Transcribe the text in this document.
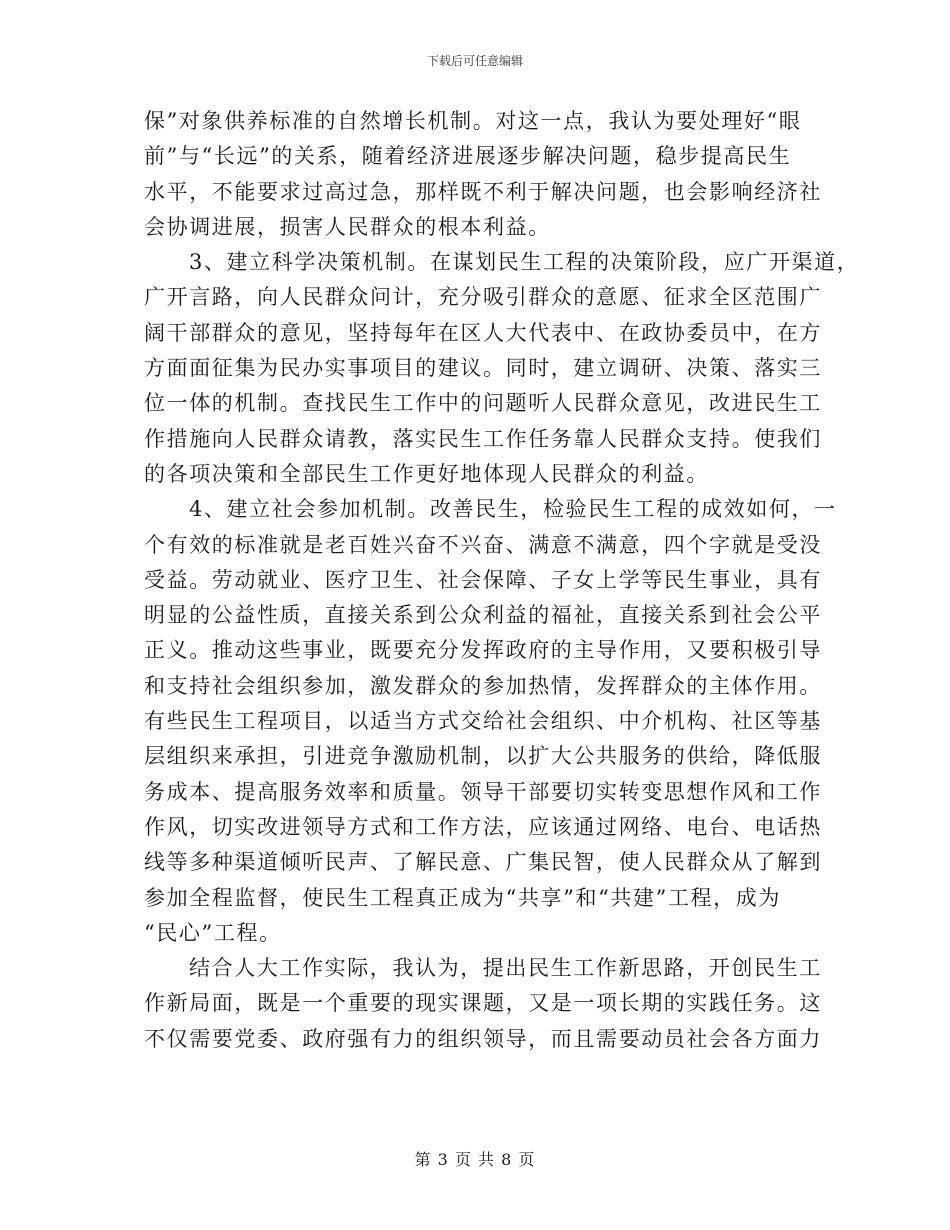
下载后可任意编辑
保”对象供养标准的自然增长机制。对这一点，我认为要处理好“眼
前”与“长远”的关系，随着经济进展逐步解决问题，稳步提高民生
水平，不能要求过高过急，那样既不利于解决问题，也会影响经济社
会协调进展，损害人民群众的根本利益。
3、建立科学决策机制。在谋划民生工程的决策阶段，应广开渠道，
广开言路，向人民群众问计，充分吸引群众的意愿、征求全区范围广
阔干部群众的意见，坚持每年在区人大代表中、在政协委员中，在方
方面面征集为民办实事项目的建议。同时，建立调研、决策、落实三
位一体的机制。查找民生工作中的问题听人民群众意见，改进民生工
作措施向人民群众请教，落实民生工作任务靠人民群众支持。使我们
的各项决策和全部民生工作更好地体现人民群众的利益。
4、建立社会参加机制。改善民生，检验民生工程的成效如何，一
个有效的标准就是老百姓兴奋不兴奋、满意不满意，四个字就是受没
受益。劳动就业、医疗卫生、社会保障、子女上学等民生事业，具有
明显的公益性质，直接关系到公众利益的福祉，直接关系到社会公平
正义。推动这些事业，既要充分发挥政府的主导作用，又要积极引导
和支持社会组织参加，激发群众的参加热情，发挥群众的主体作用。
有些民生工程项目，以适当方式交给社会组织、中介机构、社区等基
层组织来承担，引进竞争激励机制，以扩大公共服务的供给，降低服
务成本、提高服务效率和质量。领导干部要切实转变思想作风和工作
作风，切实改进领导方式和工作方法，应该通过网络、电台、电话热
线等多种渠道倾听民声、了解民意、广集民智，使人民群众从了解到
参加全程监督，使民生工程真正成为“共享”和“共建”工程，成为
“民心”工程。
结合人大工作实际，我认为，提出民生工作新思路，开创民生工
作新局面，既是一个重要的现实课题，又是一项长期的实践任务。这
不仅需要党委、政府强有力的组织领导，而且需要动员社会各方面力
第 3 页 共 8 页
